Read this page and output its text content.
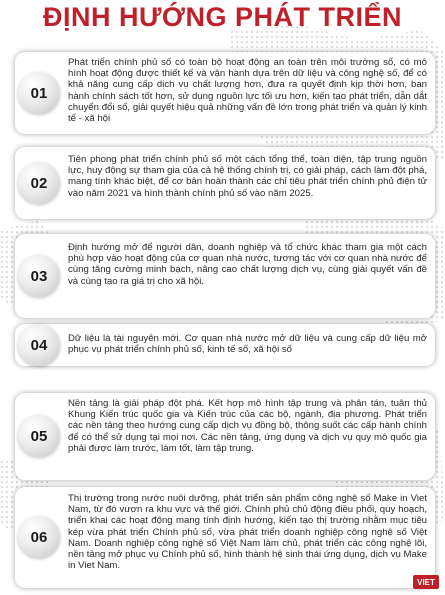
ĐỊNH HƯỚNG PHÁT TRIỂN
01

Phát triển chính phủ số có toàn bộ hoạt động an toàn trên môi trường số, có mô hình hoạt động được thiết kế và vận hành dựa trên dữ liệu và công nghệ số, để có khả năng cung cấp dịch vụ chất lượng hơn, đưa ra quyết định kịp thời hơn, ban hành chính sách tốt hơn, sử dụng nguồn lực tối ưu hơn, kiến tạo phát triển, dẫn dắt chuyển đổi số, giải quyết hiệu quả những vấn đề lớn trong phát triển và quản lý kinh tế - xã hội

02

Tiên phong phát triển chính phủ số một cách tổng thể, toàn diện, tập trung nguồn lực, huy động sự tham gia của cả hệ thống chính trị, có giải pháp, cách làm đột phá, mang tính khác biệt, để cơ bản hoàn thành các chỉ tiêu phát triển chính phủ điện tử vào năm 2021 và hình thành chính phủ số vào năm 2025.

03

Định hướng mở để người dân, doanh nghiệp và tổ chức khác tham gia một cách phù hợp vào hoạt động của cơ quan nhà nước, tương tác với cơ quan nhà nước để cùng tăng cường minh bạch, nâng cao chất lượng dịch vụ, cùng giải quyết vấn đề và cùng tạo ra giá trị cho xã hội.

04	Dữ liệu là tài nguyên mới. Cơ quan nhà nước mở dữ liệu và cung cấp dữ liệu mở phục vụ phát triển chính phủ số, kinh tế số, xã hội số

05

Nền tảng là giải pháp đột phá. Kết hợp mô hình tập trung và phân tán, tuân thủ Khung Kiến trúc quốc gia và Kiến trúc của các bộ, ngành, địa phương. Phát triển các nền tảng theo hướng cung cấp dịch vụ đồng bộ, thông suốt các cấp hành chính để có thể sử dụng tại mọi nơi. Các nền tảng, ứng dụng và dịch vụ quy mô quốc gia phải được làm trước, làm tốt, làm tập trung.

06

Thị trường trong nước nuôi dưỡng, phát triển sản phẩm công nghệ số Make in Viet Nam, từ đó vươn ra khu vực và thế giới. Chính phủ chủ động điều phối, quy hoạch, triển khai các hoạt động mang tính định hướng, kiến tạo thị trường nhằm mục tiêu kép vừa phát triển Chính phủ số, vừa phát triển doanh nghiệp công nghệ số Việt Nam. Doanh nghiệp công nghệ số Việt Nam làm chủ, phát triển các công nghệ lõi, nền tảng mở phục vụ Chính phủ số, hình thành hệ sinh thái ứng dụng, dịch vụ Make in Viet Nam.

VIET
